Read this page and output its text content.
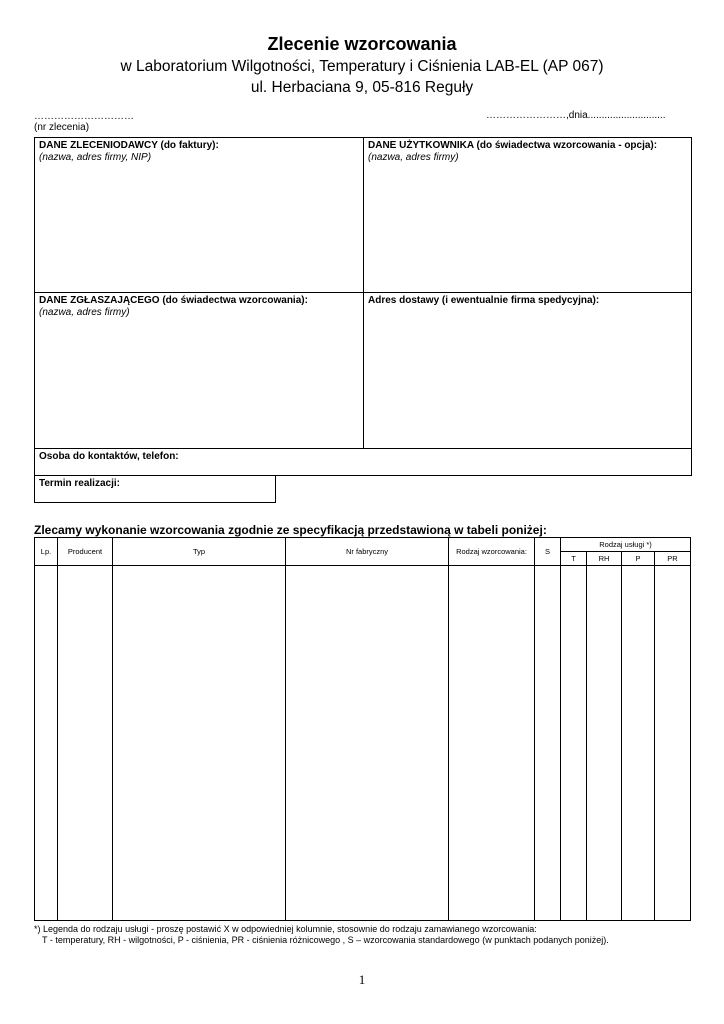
Zlecenie wzorcowania
w Laboratorium Wilgotności, Temperatury i Ciśnienia LAB-EL (AP 067)
ul. Herbaciana 9, 05-816 Reguły
…………………………
(nr zlecenia)
……………………,dnia............................
DANE ZLECENIODAWCY (do faktury):
(nazwa, adres firmy, NIP)
DANE UŻYTKOWNIKA (do świadectwa wzorcowania - opcja):
(nazwa, adres firmy)
DANE ZGŁASZAJĄCEGO (do świadectwa wzorcowania):
(nazwa, adres firmy)
Adres dostawy (i ewentualnie firma spedycyjna):
Osoba do kontaktów, telefon:
Termin realizacji:
Zlecamy wykonanie wzorcowania zgodnie ze specyfikacją przedstawioną w tabeli poniżej:
Lp.	Producent	Typ	Nr fabryczny	Rodzaj wzorcowania:	S	Rodzaj usługi *)			
						T	RH	P	PR

*) Legenda do rodzaju usługi - proszę postawić X w odpowiedniej kolumnie, stosownie do rodzaju zamawianego wzorcowania:
T - temperatury, RH - wilgotności, P - ciśnienia, PR - ciśnienia różnicowego , S – wzorcowania standardowego (w punktach podanych poniżej).
1
